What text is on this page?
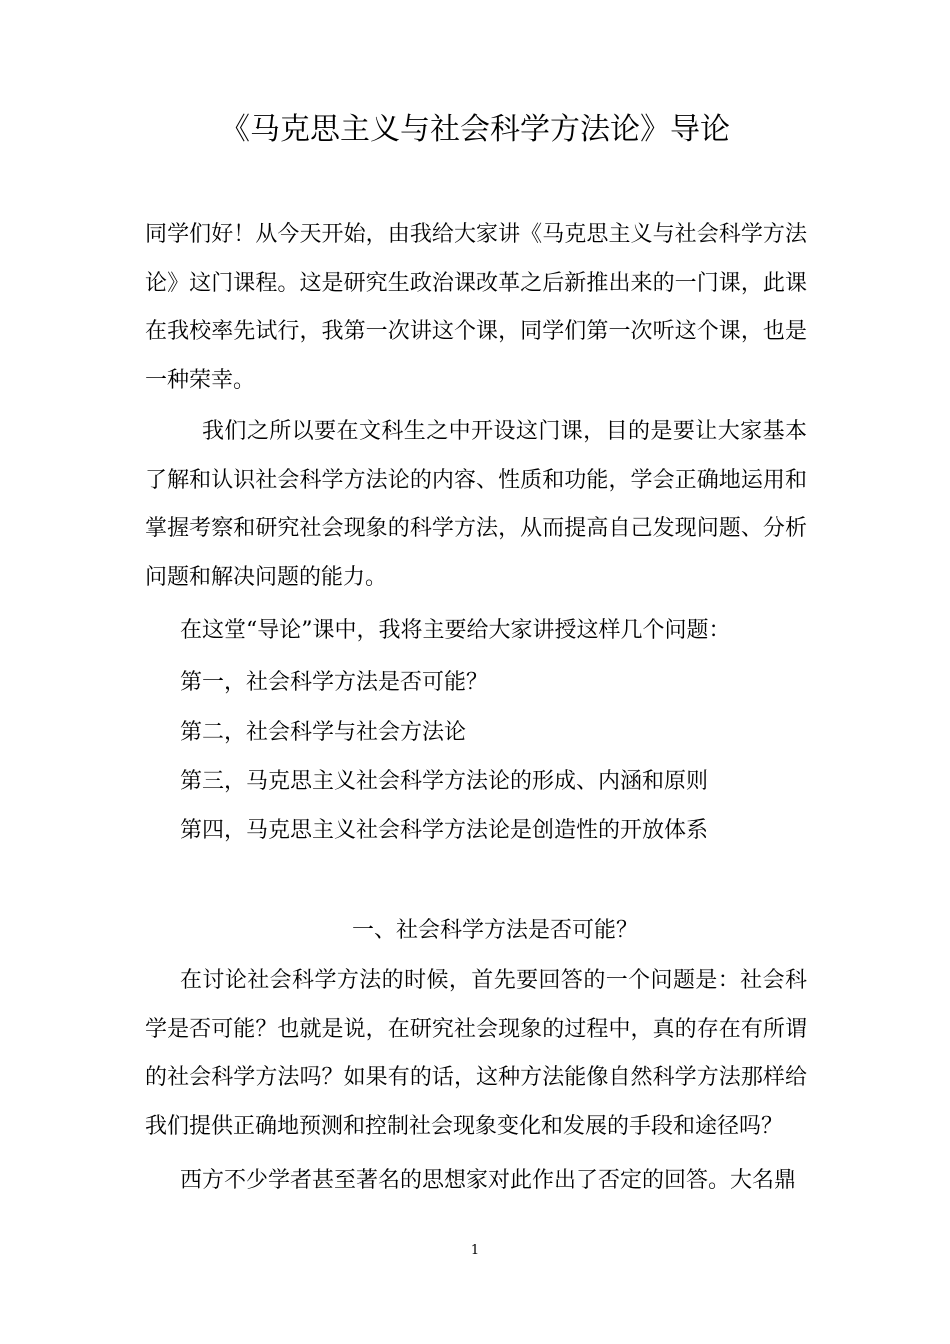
《马克思主义与社会科学方法论》导论

同学们好！从今天开始，由我给大家讲《马克思主义与社会科学方法论》这门课程。这是研究生政治课改革之后新推出来的一门课，此课在我校率先试行，我第一次讲这个课，同学们第一次听这个课，也是一种荣幸。

我们之所以要在文科生之中开设这门课，目的是要让大家基本了解和认识社会科学方法论的内容、性质和功能，学会正确地运用和掌握考察和研究社会现象的科学方法，从而提高自己发现问题、分析问题和解决问题的能力。

在这堂“导论”课中，我将主要给大家讲授这样几个问题：

第一，社会科学方法是否可能？

第二，社会科学与社会方法论

第三，马克思主义社会科学方法论的形成、内涵和原则

第四，马克思主义社会科学方法论是创造性的开放体系

一、社会科学方法是否可能？

在讨论社会科学方法的时候，首先要回答的一个问题是：社会科学是否可能？也就是说，在研究社会现象的过程中，真的存在有所谓的社会科学方法吗？如果有的话，这种方法能像自然科学方法那样给我们提供正确地预测和控制社会现象变化和发展的手段和途径吗？

西方不少学者甚至著名的思想家对此作出了否定的回答。大名鼎

1
